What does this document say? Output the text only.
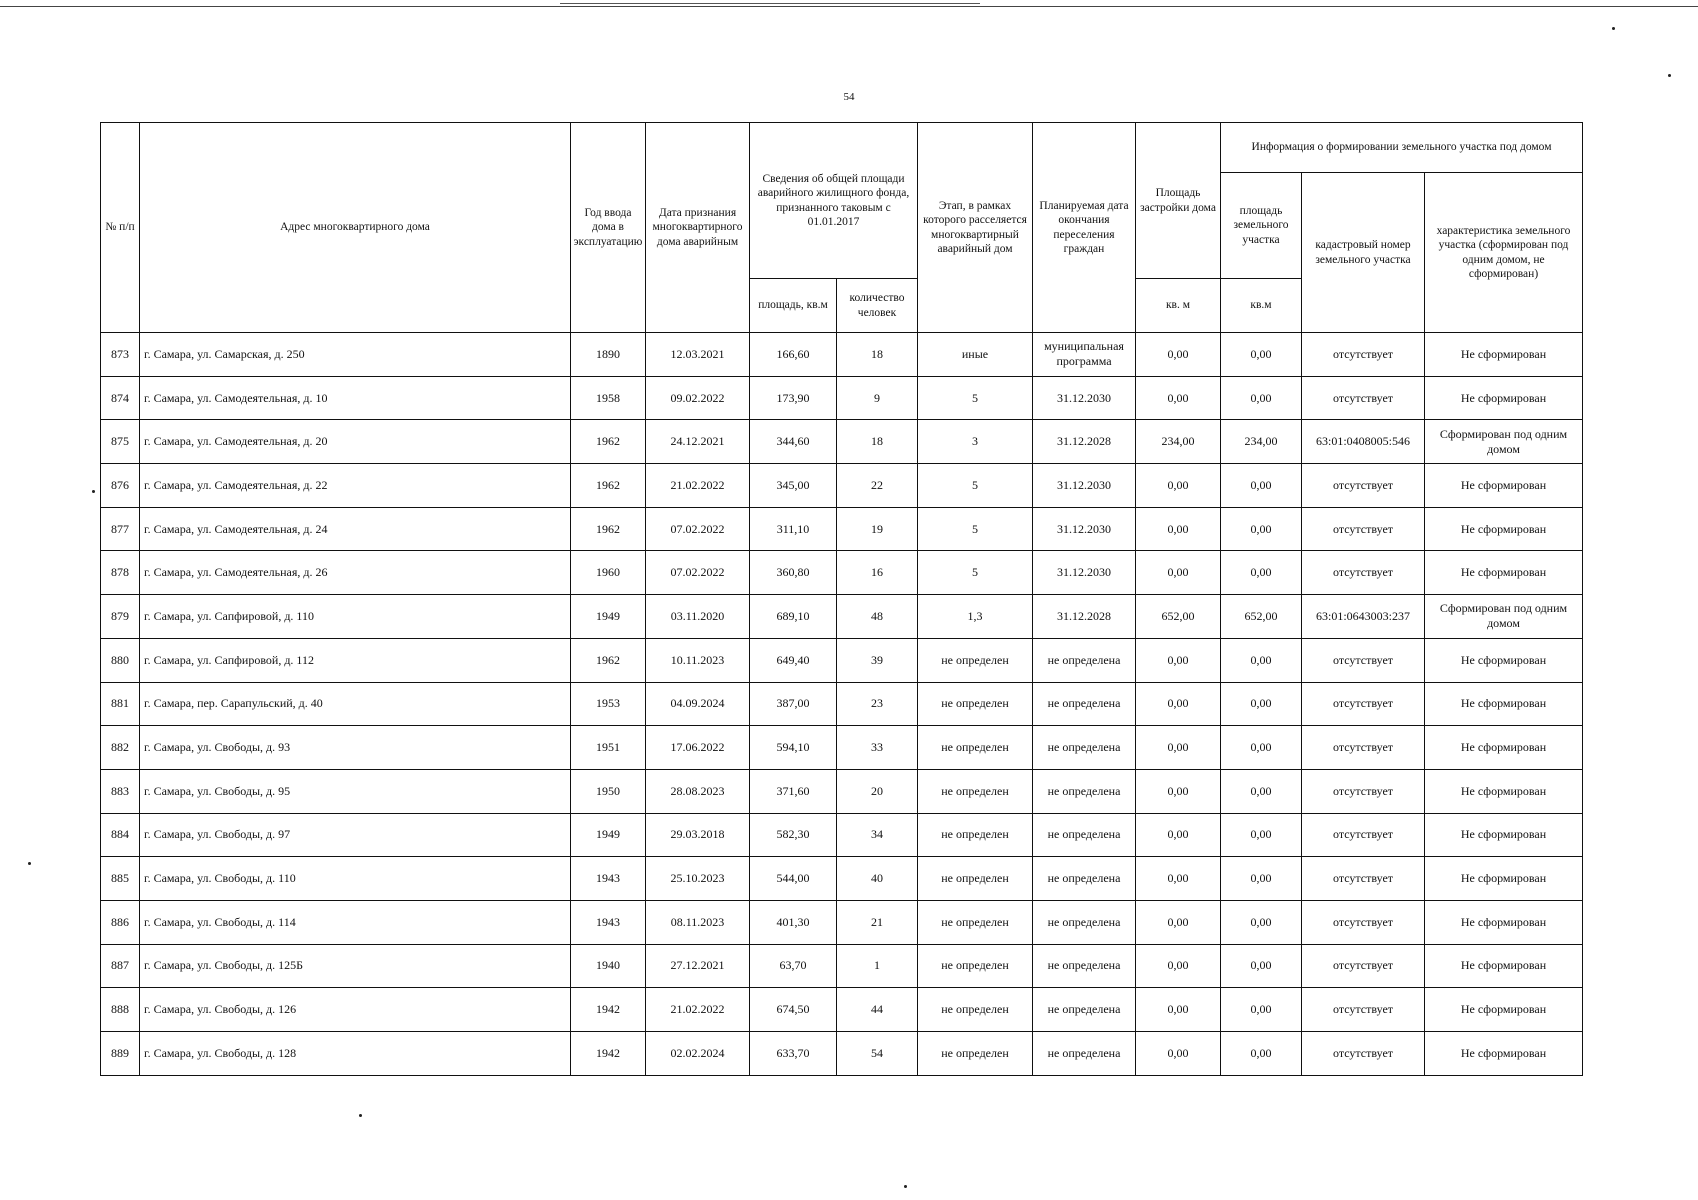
54
№ п/п	Адрес многоквартирного дома	Год ввода дома в эксплуатацию	Дата признания многоквартирного дома аварийным	Сведения об общей площади аварийного жилищного фонда, признанного таковым с 01.01.2017		Этап, в рамках которого расселяется многоквартирный аварийный дом	Планируемая дата окончания переселения граждан	Площадь застройки дома	Информация о формировании земельного участка под домом		
									площадь земельного участка	кадастровый номер земельного участка	характеристика земельного участка (сформирован под одним домом, не сформирован)
				площадь, кв.м	количество человек			кв. м	кв.м		
873	г. Самара, ул. Самарская, д. 250	1890	12.03.2021	166,60	18	иные	муниципальная программа	0,00	0,00	отсутствует	Не сформирован
874	г. Самара, ул. Самодеятельная, д. 10	1958	09.02.2022	173,90	9	5	31.12.2030	0,00	0,00	отсутствует	Не сформирован
875	г. Самара, ул. Самодеятельная, д. 20	1962	24.12.2021	344,60	18	3	31.12.2028	234,00	234,00	63:01:0408005:546	Сформирован под одним домом
876	г. Самара, ул. Самодеятельная, д. 22	1962	21.02.2022	345,00	22	5	31.12.2030	0,00	0,00	отсутствует	Не сформирован
877	г. Самара, ул. Самодеятельная, д. 24	1962	07.02.2022	311,10	19	5	31.12.2030	0,00	0,00	отсутствует	Не сформирован
878	г. Самара, ул. Самодеятельная, д. 26	1960	07.02.2022	360,80	16	5	31.12.2030	0,00	0,00	отсутствует	Не сформирован
879	г. Самара, ул. Сапфировой, д. 110	1949	03.11.2020	689,10	48	1,3	31.12.2028	652,00	652,00	63:01:0643003:237	Сформирован под одним домом
880	г. Самара, ул. Сапфировой, д. 112	1962	10.11.2023	649,40	39	не определен	не определена	0,00	0,00	отсутствует	Не сформирован
881	г. Самара, пер. Сарапульский, д. 40	1953	04.09.2024	387,00	23	не определен	не определена	0,00	0,00	отсутствует	Не сформирован
882	г. Самара, ул. Свободы, д. 93	1951	17.06.2022	594,10	33	не определен	не определена	0,00	0,00	отсутствует	Не сформирован
883	г. Самара, ул. Свободы, д. 95	1950	28.08.2023	371,60	20	не определен	не определена	0,00	0,00	отсутствует	Не сформирован
884	г. Самара, ул. Свободы, д. 97	1949	29.03.2018	582,30	34	не определен	не определена	0,00	0,00	отсутствует	Не сформирован
885	г. Самара, ул. Свободы, д. 110	1943	25.10.2023	544,00	40	не определен	не определена	0,00	0,00	отсутствует	Не сформирован
886	г. Самара, ул. Свободы, д. 114	1943	08.11.2023	401,30	21	не определен	не определена	0,00	0,00	отсутствует	Не сформирован
887	г. Самара, ул. Свободы, д. 125Б	1940	27.12.2021	63,70	1	не определен	не определена	0,00	0,00	отсутствует	Не сформирован
888	г. Самара, ул. Свободы, д. 126	1942	21.02.2022	674,50	44	не определен	не определена	0,00	0,00	отсутствует	Не сформирован
889	г. Самара, ул. Свободы, д. 128	1942	02.02.2024	633,70	54	не определен	не определена	0,00	0,00	отсутствует	Не сформирован
